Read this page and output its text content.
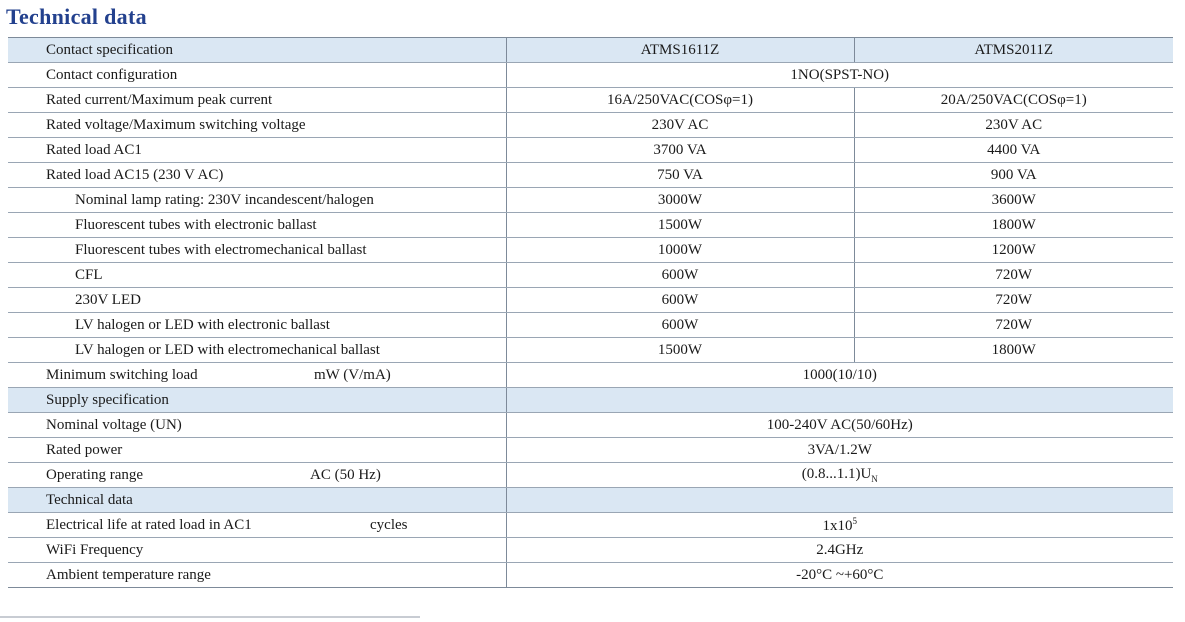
Technical data
Contact specification	ATMS1611Z	ATMS2011Z
Contact configuration	1NO(SPST-NO)	
Rated current/Maximum peak current	16A/250VAC(COSφ=1)	20A/250VAC(COSφ=1)
Rated voltage/Maximum switching voltage	230V AC	230V AC
Rated load AC1	3700 VA	4400 VA
Rated load AC15 (230 V AC)	750 VA	900 VA
Nominal lamp rating: 230V incandescent/halogen	3000W	3600W
Fluorescent tubes with electronic ballast	1500W	1800W
Fluorescent tubes with electromechanical ballast	1000W	1200W
CFL	600W	720W
230V LED	600W	720W
LV halogen or LED with electronic ballast	600W	720W
LV halogen or LED with electromechanical ballast	1500W	1800W
Minimum switching load mW (V/mA)	1000(10/10)	
Supply specification		
Nominal voltage (UN)	100-240V AC(50/60Hz)	
Rated power	3VA/1.2W	
Operating range AC (50 Hz)	$(0.8...1.1)U_N$
Technical data		
Electrical life at rated load in AC1 cycles	$1x10^5$
WiFi Frequency	2.4GHz	
Ambient temperature range	-20°C ~+60°C	
